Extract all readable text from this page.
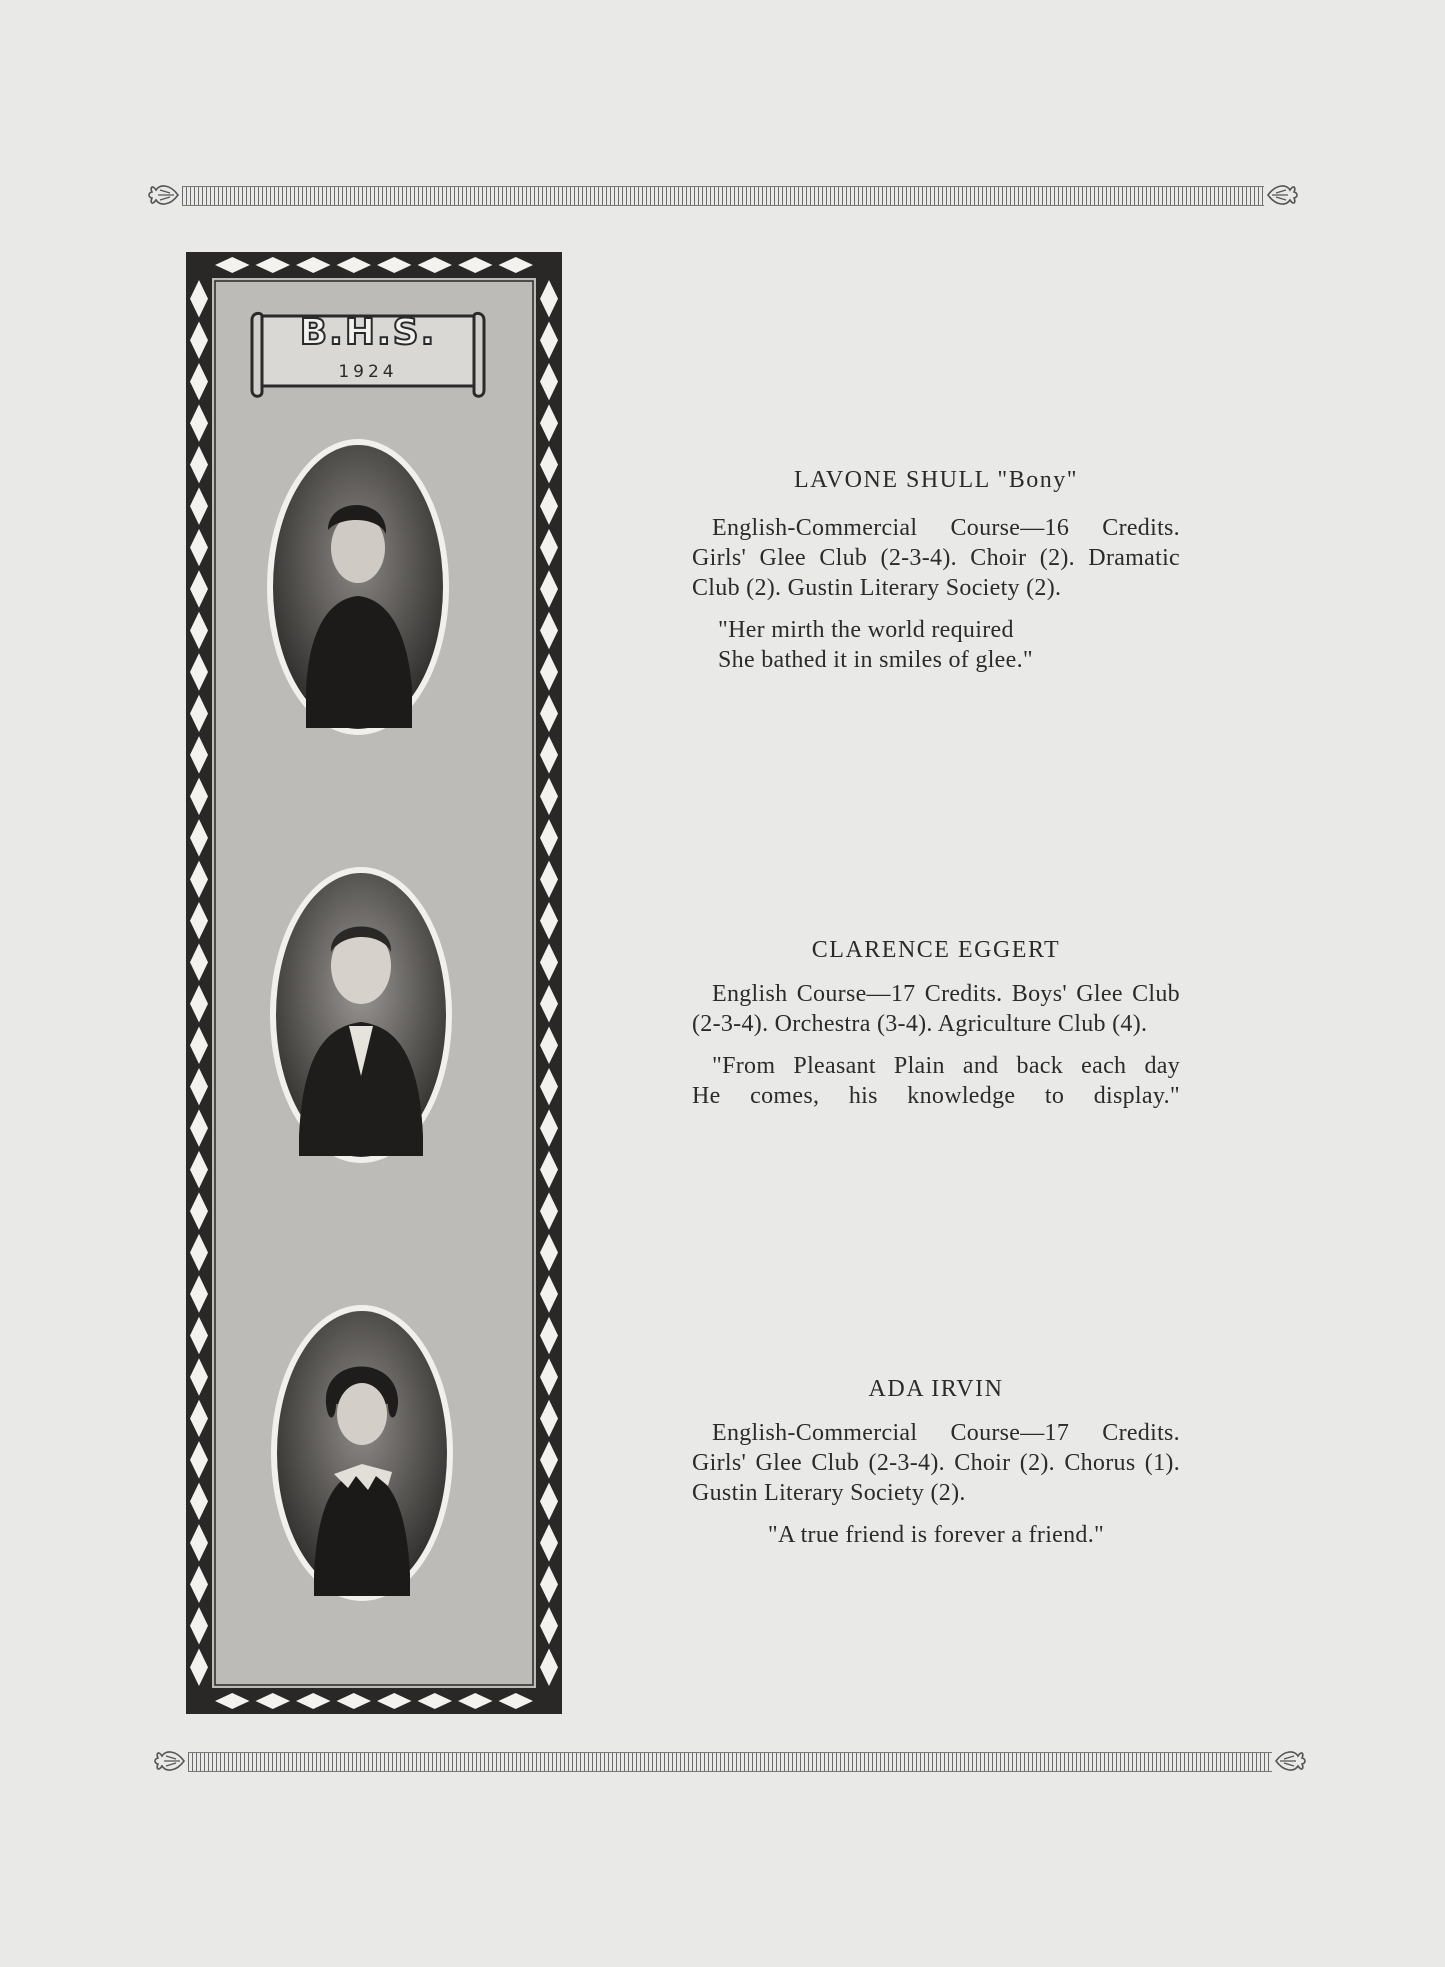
B.H.S.
1924

LAVONE SHULL "Bony"

English-Commercial Course—16 Credits. Girls' Glee Club (2-3-4). Choir (2). Dramatic Club (2). Gustin Literary Society (2).

"Her mirth the world required
She bathed it in smiles of glee."

CLARENCE EGGERT

English Course—17 Credits. Boys' Glee Club (2-3-4). Orchestra (3-4). Agriculture Club (4).

"From Pleasant Plain and back each day
He comes, his knowledge to display."

ADA IRVIN

English-Commercial Course—17 Credits. Girls' Glee Club (2-3-4). Choir (2). Chorus (1). Gustin Literary Society (2).

"A true friend is forever a friend."
